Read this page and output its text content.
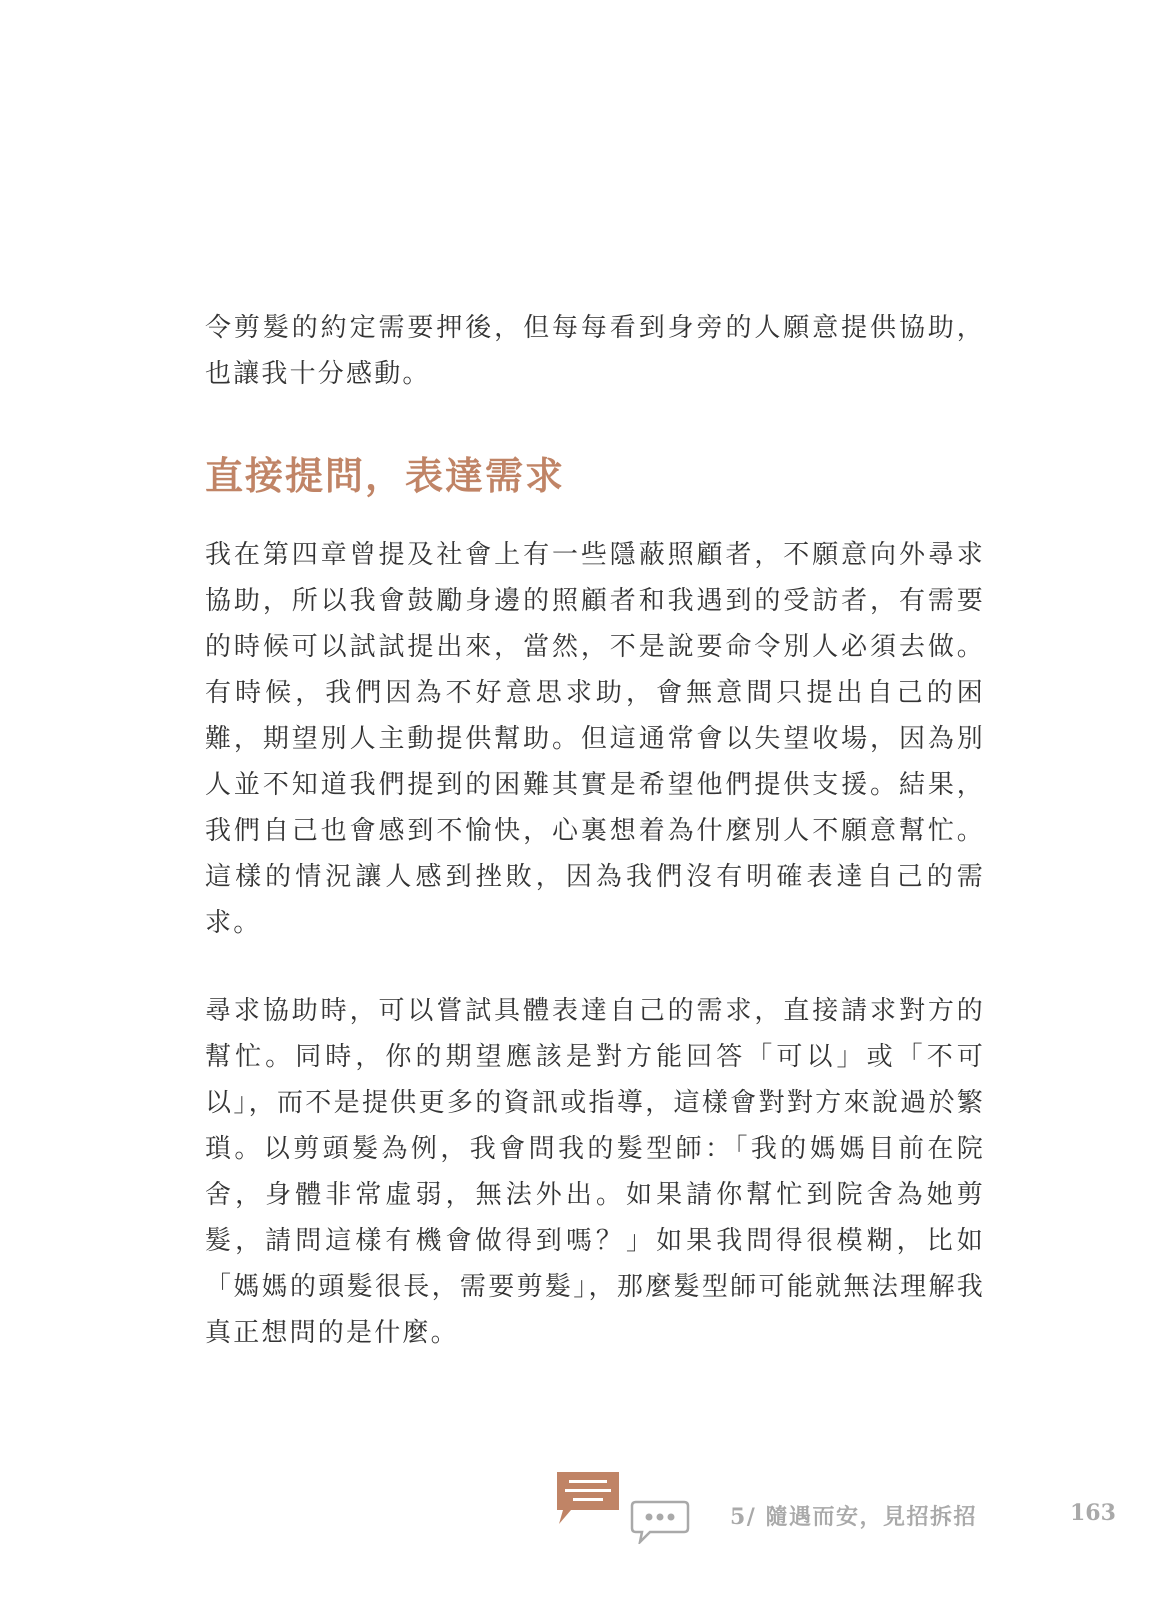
令剪髮的約定需要押後，但每每看到身旁的人願意提供協助，也讓我十分感動。

直接提問，表達需求

我在第四章曾提及社會上有一些隱蔽照顧者，不願意向外尋求協助，所以我會鼓勵身邊的照顧者和我遇到的受訪者，有需要的時候可以試試提出來，當然，不是說要命令別人必須去做。有時候，我們因為不好意思求助，會無意間只提出自己的困難，期望別人主動提供幫助。但這通常會以失望收場，因為別人並不知道我們提到的困難其實是希望他們提供支援。結果，我們自己也會感到不愉快，心裏想着為什麼別人不願意幫忙。這樣的情況讓人感到挫敗，因為我們沒有明確表達自己的需求。

尋求協助時，可以嘗試具體表達自己的需求，直接請求對方的幫忙。同時，你的期望應該是對方能回答「可以」或「不可以」，而不是提供更多的資訊或指導，這樣會對對方來說過於繁瑣。以剪頭髮為例，我會問我的髮型師：「我的媽媽目前在院舍，身體非常虛弱，無法外出。如果請你幫忙到院舍為她剪髮，請問這樣有機會做得到嗎？」如果我問得很模糊，比如「媽媽的頭髮很長，需要剪髮」，那麼髮型師可能就無法理解我真正想問的是什麼。

5/ 隨遇而安，見招拆招	163
